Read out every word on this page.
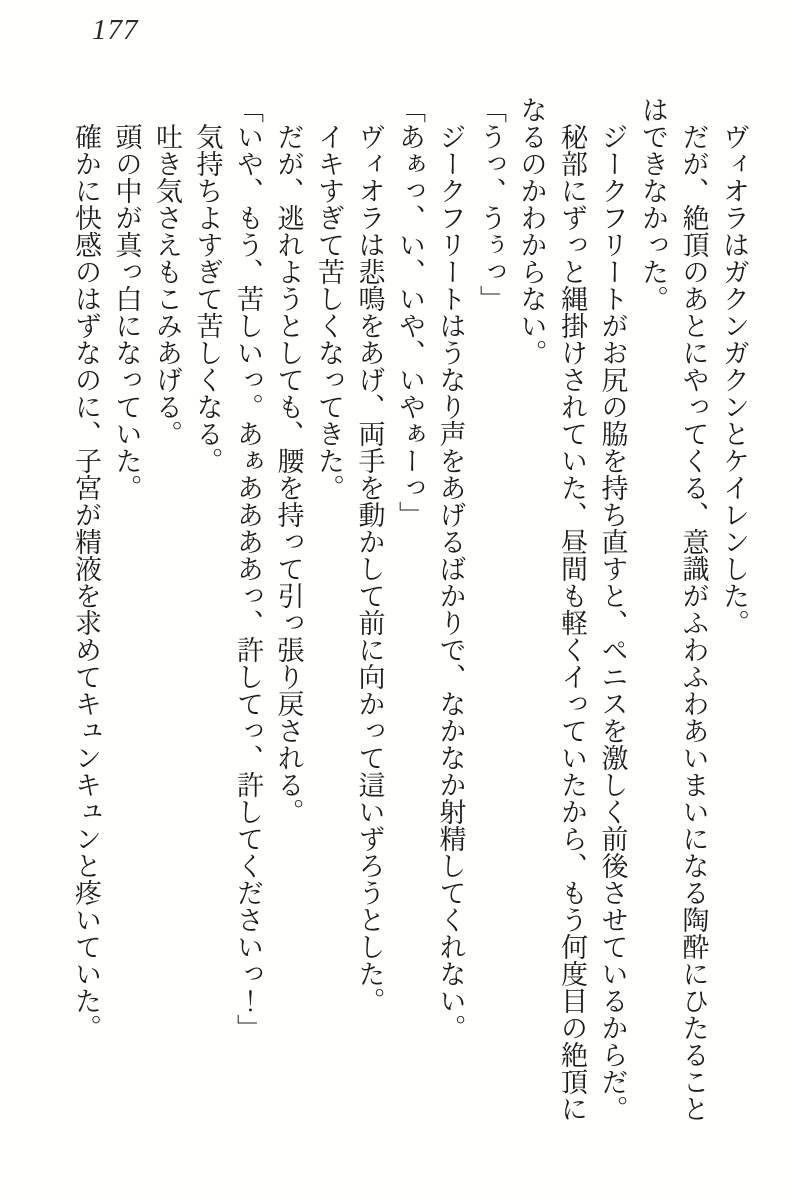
177

ヴィオラはガクンガクンとケイレンした。

だが、絶頂のあとにやってくる、意識がふわふわあいまいになる陶酔にひたることはできなかった。

ジークフリートがお尻の脇を持ち直すと、ペニスを激しく前後させているからだ。

秘部にずっと縄掛けされていた、昼間も軽くイっていたから、もう何度目の絶頂になるのかわからない。

「うっ、うぅっ」

ジークフリートはうなり声をあげるばかりで、なかなか射精してくれない。

「あぁっ、い、いや、いやぁーっ」

ヴィオラは悲鳴をあげ、両手を動かして前に向かって這いずろうとした。

イキすぎて苦しくなってきた。

だが、逃れようとしても、腰を持って引っ張り戻される。

「いや、もう、苦しいっ。あぁああああっ、許してっ、許してくださいっ！」

気持ちよすぎて苦しくなる。

吐き気さえもこみあげる。

頭の中が真っ白になっていた。

確かに快感のはずなのに、子宮が精液を求めてキュンキュンと疼いていた。
